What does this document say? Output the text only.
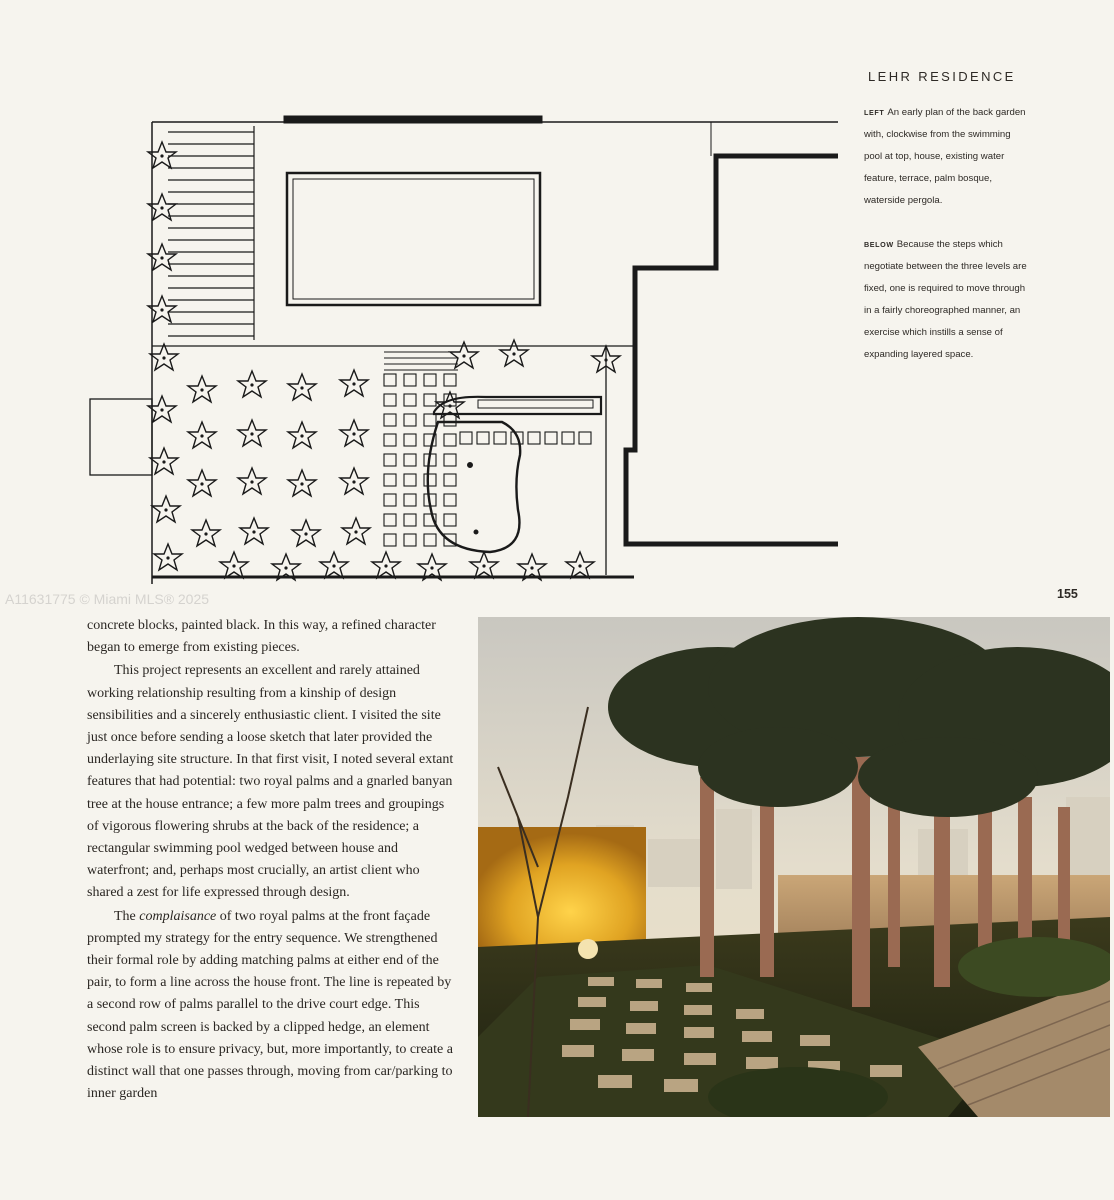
LEHR RESIDENCE
LEFT An early plan of the back garden with, clockwise from the swimming pool at top, house, existing water feature, terrace, palm bosque, waterside pergola.
BELOW Because the steps which negotiate between the three levels are fixed, one is required to move through in a fairly choreographed manner, an exercise which instills a sense of expanding layered space.
155
A11631775 © Miami MLS® 2025

concrete blocks, painted black. In this way, a refined character began to emerge from existing pieces.

This project represents an excellent and rarely attained working relationship resulting from a kinship of design sensibilities and a sincerely enthusiastic client. I visited the site just once before sending a loose sketch that later provided the underlaying site structure. In that first visit, I noted several extant features that had potential: two royal palms and a gnarled banyan tree at the house entrance; a few more palm trees and groupings of vigorous flowering shrubs at the back of the residence; a rectangular swimming pool wedged between house and waterfront; and, perhaps most crucially, an artist client who shared a zest for life expressed through design.

The complaisance of two royal palms at the front façade prompted my strategy for the entry sequence. We strengthened their formal role by adding matching palms at either end of the pair, to form a line across the house front. The line is repeated by a second row of palms parallel to the drive court edge. This second palm screen is backed by a clipped hedge, an element whose role is to ensure privacy, but, more importantly, to create a distinct wall that one passes through, moving from car/parking to inner garden
